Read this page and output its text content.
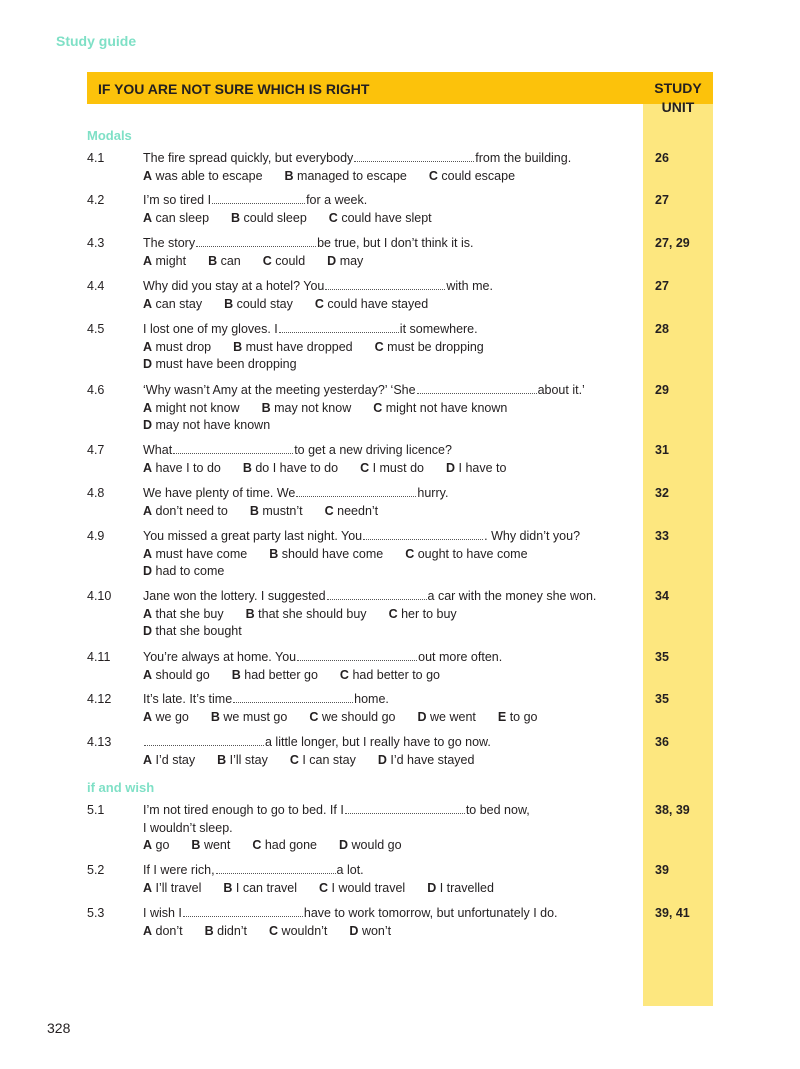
Study guide
IF YOU ARE NOT SURE WHICH IS RIGHT	STUDY
UNIT
Modals
4.1	The fire spread quickly, but everybody	from the building.
A was able to escape B managed to escape C could escape
26
4.2	I’m so tired I	for a week.
A can sleep B could sleep C could have slept
27
4.3	The story	be true, but I don’t think it is.
A might B can C could D may
27, 29
4.4	Why did you stay at a hotel? You	with me.
A can stay B could stay C could have stayed
27
4.5	I lost one of my gloves. I	it somewhere.
A must drop B must have dropped C must be dropping
D must have been dropping
28
4.6	‘Why wasn’t Amy at the meeting yesterday?’ ‘She	about it.’
A might not know B may not know C might not have known
D may not have known
29
4.7	What	to get a new driving licence?
A have I to do B do I have to do C I must do D I have to
31
4.8	We have plenty of time. We	hurry.
A don’t need to B mustn’t C needn’t
32
4.9	You missed a great party last night. You	. Why didn’t you?
A must have come B should have come C ought to have come
D had to come
33
4.10	Jane won the lottery. I suggested	a car with the money she won.
A that she buy B that she should buy C her to buy
D that she bought
34
4.11	You’re always at home. You	out more often.
A should go B had better go C had better to go
35
4.12	It’s late. It’s time	home.
A we go B we must go C we should go D we went E to go
35
4.13	a little longer, but I really have to go now.
A I’d stay B I’ll stay C I can stay D I’d have stayed
36
if and wish
5.1	I’m not tired enough to go to bed. If I	to bed now,
I wouldn’t sleep.
A go B went C had gone D would go
38, 39
5.2	If I were rich,	a lot.
A I’ll travel B I can travel C I would travel D I travelled
39
5.3	I wish I	have to work tomorrow, but unfortunately I do.
A don’t B didn’t C wouldn’t D won’t
39, 41
328
